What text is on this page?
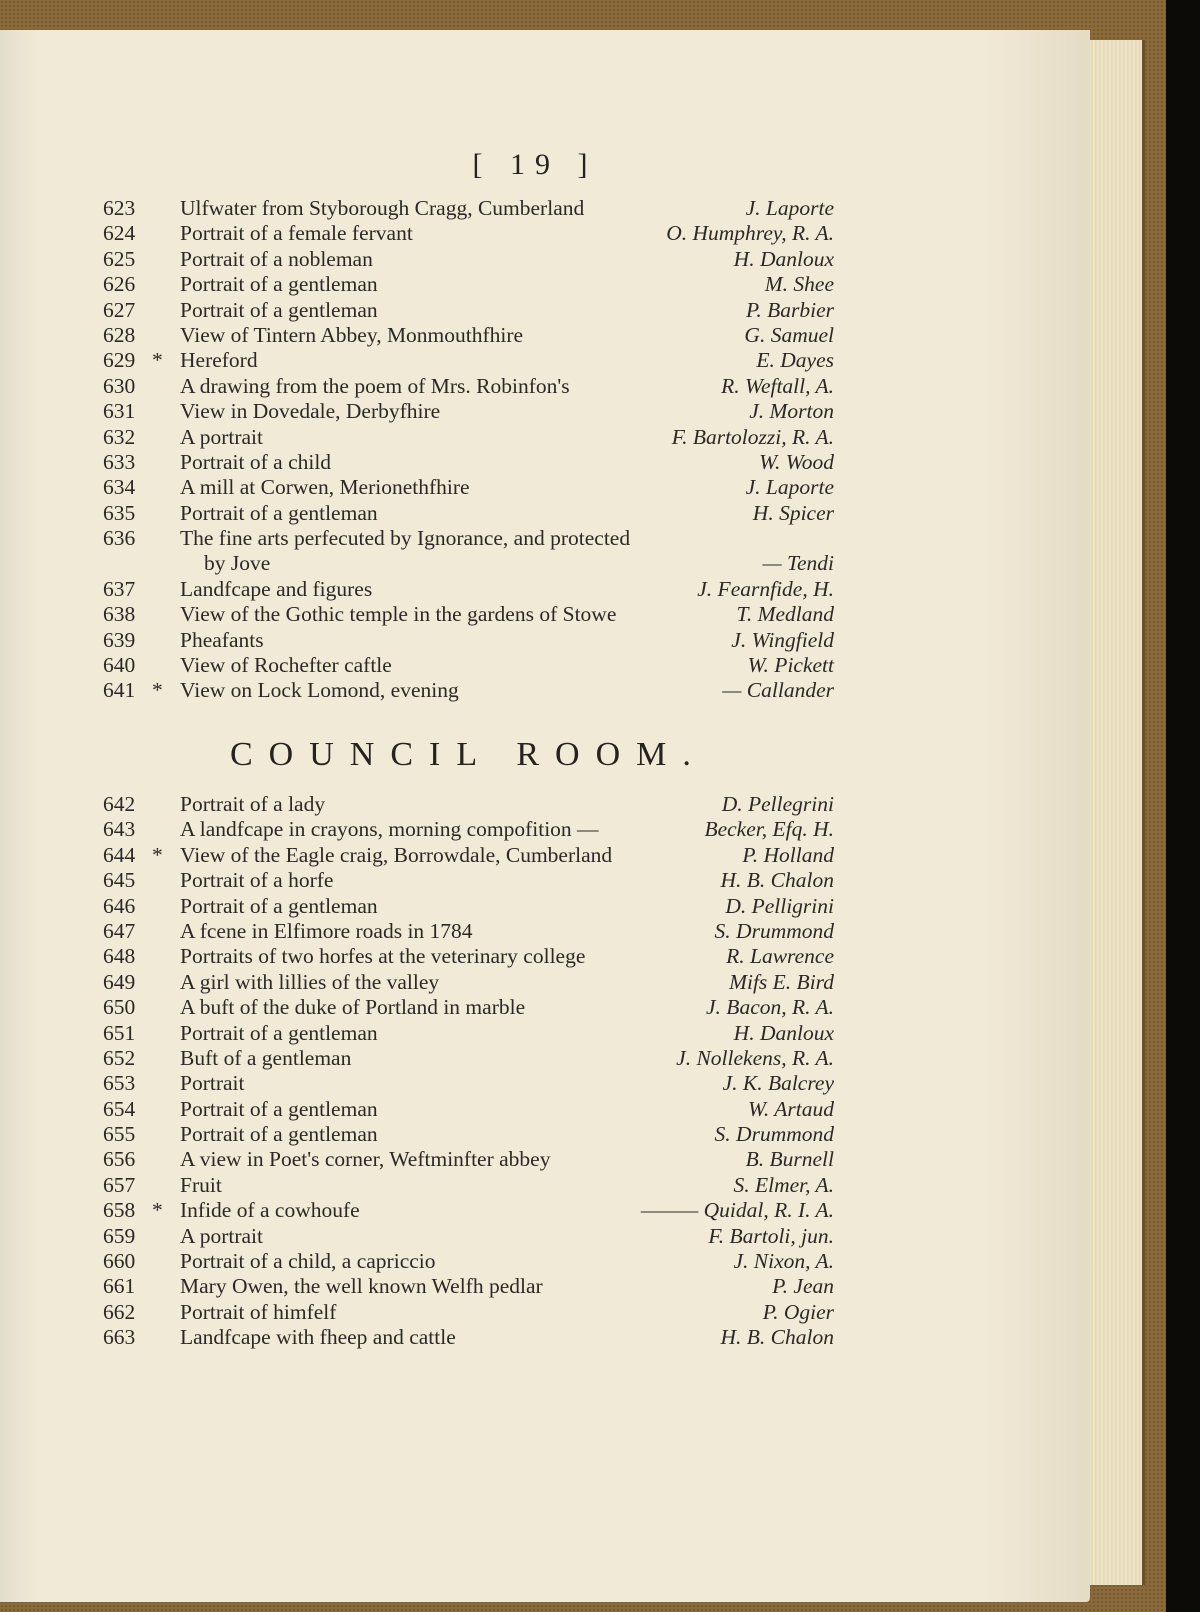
[ 19 ]
623 Ulfwater from Styborough Cragg, Cumberland	J. Laporte
624 Portrait of a female fervant	O. Humphrey, R. A.
625 Portrait of a nobleman	H. Danloux
626 Portrait of a gentleman	M. Shee
627 Portrait of a gentleman	P. Barbier
628 View of Tintern Abbey, Monmouthfhire	G. Samuel
629 * Hereford	E. Dayes
630 A drawing from the poem of Mrs. Robinfon's	R. Weftall, A.
631 View in Dovedale, Derbyfhire	J. Morton
632 A portrait	F. Bartolozzi, R. A.
633 Portrait of a child	W. Wood
634 A mill at Corwen, Merionethfhire	J. Laporte
635 Portrait of a gentleman	H. Spicer
636 The fine arts perfecuted by Ignorance, and protected
by Jove	— Tendi
637 Landfcape and figures	J. Fearnfide, H.
638 View of the Gothic temple in the gardens of Stowe	T. Medland
639 Pheafants	J. Wingfield
640 View of Rochefter caftle	W. Pickett
641 * View on Lock Lomond, evening	— Callander
COUNCIL ROOM.
642 Portrait of a lady	D. Pellegrini
643 A landfcape in crayons, morning compofition —	Becker, Efq. H.
644 * View of the Eagle craig, Borrowdale, Cumberland	P. Holland
645 Portrait of a horfe	H. B. Chalon
646 Portrait of a gentleman	D. Pelligrini
647 A fcene in Elfimore roads in 1784	S. Drummond
648 Portraits of two horfes at the veterinary college	R. Lawrence
649 A girl with lillies of the valley	Mifs E. Bird
650 A buft of the duke of Portland in marble	J. Bacon, R. A.
651 Portrait of a gentleman	H. Danloux
652 Buft of a gentleman	J. Nollekens, R. A.
653 Portrait	J. K. Balcrey
654 Portrait of a gentleman	W. Artaud
655 Portrait of a gentleman	S. Drummond
656 A view in Poet's corner, Weftminfter abbey	B. Burnell
657 Fruit	S. Elmer, A.
658 * Infide of a cowhoufe	——— Quidal, R. I. A.
659 A portrait	F. Bartoli, jun.
660 Portrait of a child, a capriccio	J. Nixon, A.
661 Mary Owen, the well known Welfh pedlar	P. Jean
662 Portrait of himfelf	P. Ogier
663 Landfcape with fheep and cattle	H. B. Chalon
